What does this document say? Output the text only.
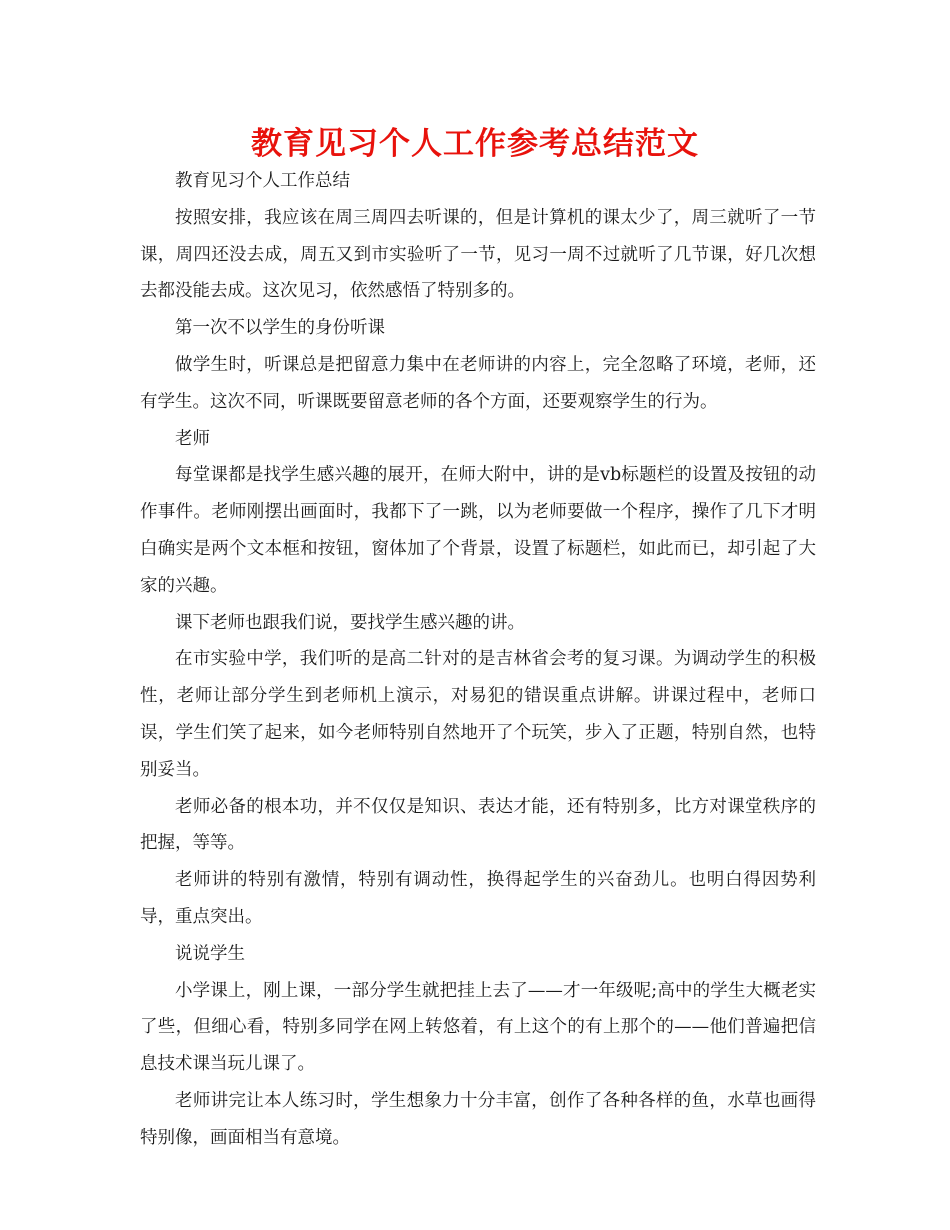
教育见习个人工作参考总结范文

教育见习个人工作总结

按照安排，我应该在周三周四去听课的，但是计算机的课太少了，周三就听了一节课，周四还没去成，周五又到市实验听了一节，见习一周不过就听了几节课，好几次想去都没能去成。这次见习，依然感悟了特别多的。

第一次不以学生的身份听课

做学生时，听课总是把留意力集中在老师讲的内容上，完全忽略了环境，老师，还有学生。这次不同，听课既要留意老师的各个方面，还要观察学生的行为。

老师

每堂课都是找学生感兴趣的展开，在师大附中，讲的是vb标题栏的设置及按钮的动作事件。老师刚摆出画面时，我都下了一跳，以为老师要做一个程序，操作了几下才明白确实是两个文本框和按钮，窗体加了个背景，设置了标题栏，如此而已，却引起了大家的兴趣。

课下老师也跟我们说，要找学生感兴趣的讲。

在市实验中学，我们听的是高二针对的是吉林省会考的复习课。为调动学生的积极性，老师让部分学生到老师机上演示，对易犯的错误重点讲解。讲课过程中，老师口误，学生们笑了起来，如今老师特别自然地开了个玩笑，步入了正题，特别自然，也特别妥当。

老师必备的根本功，并不仅仅是知识、表达才能，还有特别多，比方对课堂秩序的把握，等等。

老师讲的特别有激情，特别有调动性，换得起学生的兴奋劲儿。也明白得因势利导，重点突出。

说说学生

小学课上，刚上课，一部分学生就把挂上去了——才一年级呢;高中的学生大概老实了些，但细心看，特别多同学在网上转悠着，有上这个的有上那个的——他们普遍把信息技术课当玩儿课了。

老师讲完让本人练习时，学生想象力十分丰富，创作了各种各样的鱼，水草也画得特别像，画面相当有意境。
